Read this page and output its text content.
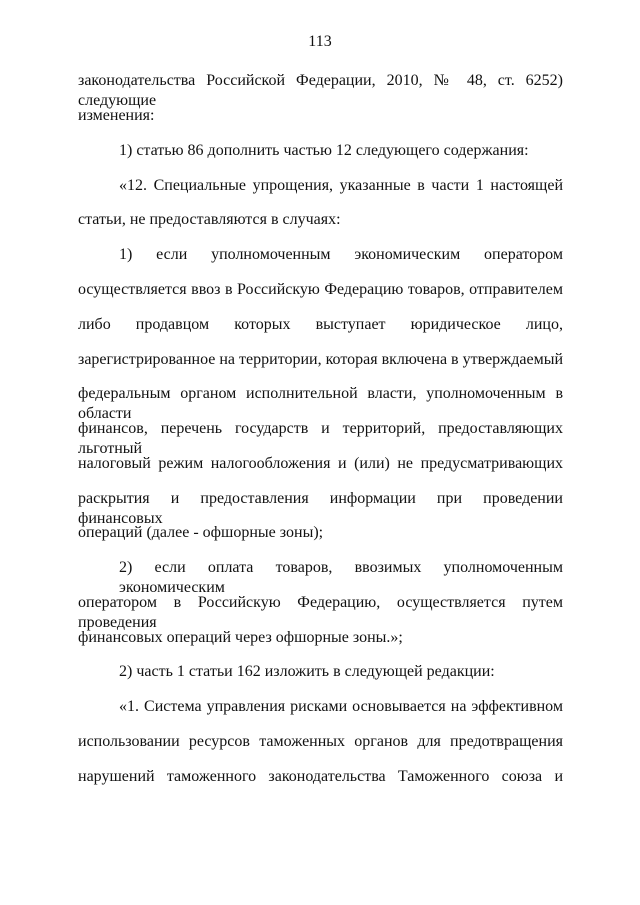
113
законодательства Российской Федерации, 2010, № 48, ст. 6252) следующие
изменения:
1) статью 86 дополнить частью 12 следующего содержания:
«12. Специальные упрощения, указанные в части 1 настоящей
статьи, не предоставляются в случаях:
1) если уполномоченным экономическим оператором
осуществляется ввоз в Российскую Федерацию товаров, отправителем
либо продавцом которых выступает юридическое лицо,
зарегистрированное на территории, которая включена в утверждаемый
федеральным органом исполнительной власти, уполномоченным в области
финансов, перечень государств и территорий, предоставляющих льготный
налоговый режим налогообложения и (или) не предусматривающих
раскрытия и предоставления информации при проведении финансовых
операций (далее - офшорные зоны);
2) если оплата товаров, ввозимых уполномоченным экономическим
оператором в Российскую Федерацию, осуществляется путем проведения
финансовых операций через офшорные зоны.»;
2) часть 1 статьи 162 изложить в следующей редакции:
«1. Система управления рисками основывается на эффективном
использовании ресурсов таможенных органов для предотвращения
нарушений таможенного законодательства Таможенного союза и
